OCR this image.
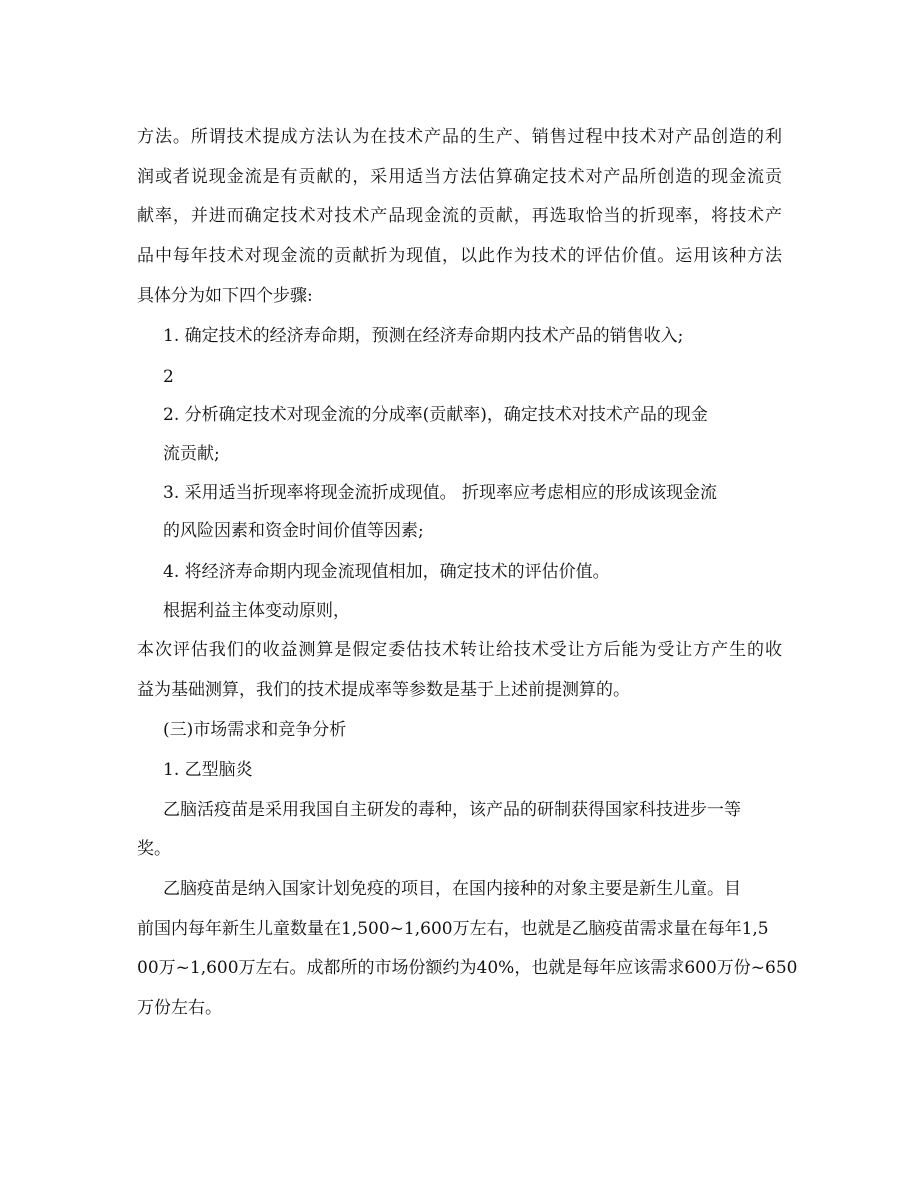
方法。所谓技术提成方法认为在技术产品的生产、销售过程中技术对产品创造的利

润或者说现金流是有贡献的，采用适当方法估算确定技术对产品所创造的现金流贡

献率，并进而确定技术对技术产品现金流的贡献，再选取恰当的折现率，将技术产

品中每年技术对现金流的贡献折为现值，以此作为技术的评估价值。运用该种方法

具体分为如下四个步骤:

1. 确定技术的经济寿命期，预测在经济寿命期内技术产品的销售收入;

2

2. 分析确定技术对现金流的分成率(贡献率)，确定技术对技术产品的现金

流贡献;

3. 采用适当折现率将现金流折成现值。 折现率应考虑相应的形成该现金流

的风险因素和资金时间价值等因素;

4. 将经济寿命期内现金流现值相加，确定技术的评估价值。

根据利益主体变动原则，

本次评估我们的收益测算是假定委估技术转让给技术受让方后能为受让方产生的收

益为基础测算，我们的技术提成率等参数是基于上述前提测算的。

(三)市场需求和竞争分析

1. 乙型脑炎

乙脑活疫苗是采用我国自主研发的毒种，该产品的研制获得国家科技进步一等

奖。

乙脑疫苗是纳入国家计划免疫的项目，在国内接种的对象主要是新生儿童。目

前国内每年新生儿童数量在1,500~1,600万左右，也就是乙脑疫苗需求量在每年1,5

00万~1,600万左右。成都所的市场份额约为40%，也就是每年应该需求600万份~650

万份左右。
